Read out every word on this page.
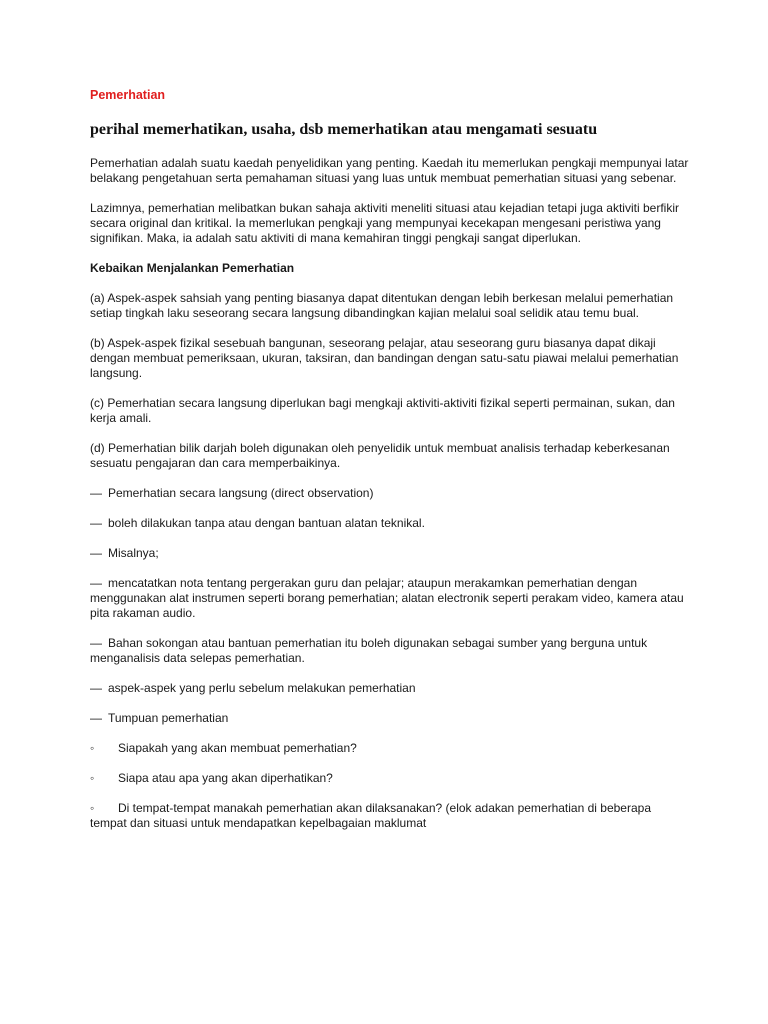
Pemerhatian
perihal memerhatikan, usaha, dsb memerhatikan atau mengamati sesuatu

Pemerhatian adalah suatu kaedah penyelidikan yang penting. Kaedah itu memerlukan pengkaji mempunyai latar belakang pengetahuan serta pemahaman situasi yang luas untuk membuat pemerhatian situasi yang sebenar.

Lazimnya, pemerhatian melibatkan bukan sahaja aktiviti meneliti situasi atau kejadian tetapi juga aktiviti berfikir secara original dan kritikal. Ia memerlukan pengkaji yang mempunyai kecekapan mengesani peristiwa yang signifikan. Maka, ia adalah satu aktiviti di mana kemahiran tinggi pengkaji sangat diperlukan.

Kebaikan Menjalankan Pemerhatian

(a) Aspek-aspek sahsiah yang penting biasanya dapat ditentukan dengan lebih berkesan melalui pemerhatian setiap tingkah laku seseorang secara langsung dibandingkan kajian melalui soal selidik atau temu bual.

(b) Aspek-aspek fizikal sesebuah bangunan, seseorang pelajar, atau seseorang guru biasanya dapat dikaji dengan membuat pemeriksaan, ukuran, taksiran, dan bandingan dengan satu-satu piawai melalui pemerhatian langsung.

(c) Pemerhatian secara langsung diperlukan bagi mengkaji aktiviti-aktiviti fizikal seperti permainan, sukan, dan kerja amali.

(d) Pemerhatian bilik darjah boleh digunakan oleh penyelidik untuk membuat analisis terhadap keberkesanan sesuatu pengajaran dan cara memperbaikinya.

— Pemerhatian secara langsung (direct observation)

— boleh dilakukan tanpa atau dengan bantuan alatan teknikal.

— Misalnya;

— mencatatkan nota tentang pergerakan guru dan pelajar; ataupun merakamkan pemerhatian dengan menggunakan alat instrumen seperti borang pemerhatian; alatan electronik seperti perakam video, kamera atau pita rakaman audio.

— Bahan sokongan atau bantuan pemerhatian itu boleh digunakan sebagai sumber yang berguna untuk menganalisis data selepas pemerhatian.

— aspek-aspek yang perlu sebelum melakukan pemerhatian

— Tumpuan pemerhatian

◦ Siapakah yang akan membuat pemerhatian?

◦ Siapa atau apa yang akan diperhatikan?

◦ Di tempat-tempat manakah pemerhatian akan dilaksanakan? (elok adakan pemerhatian di beberapa tempat dan situasi untuk mendapatkan kepelbagaian maklumat
